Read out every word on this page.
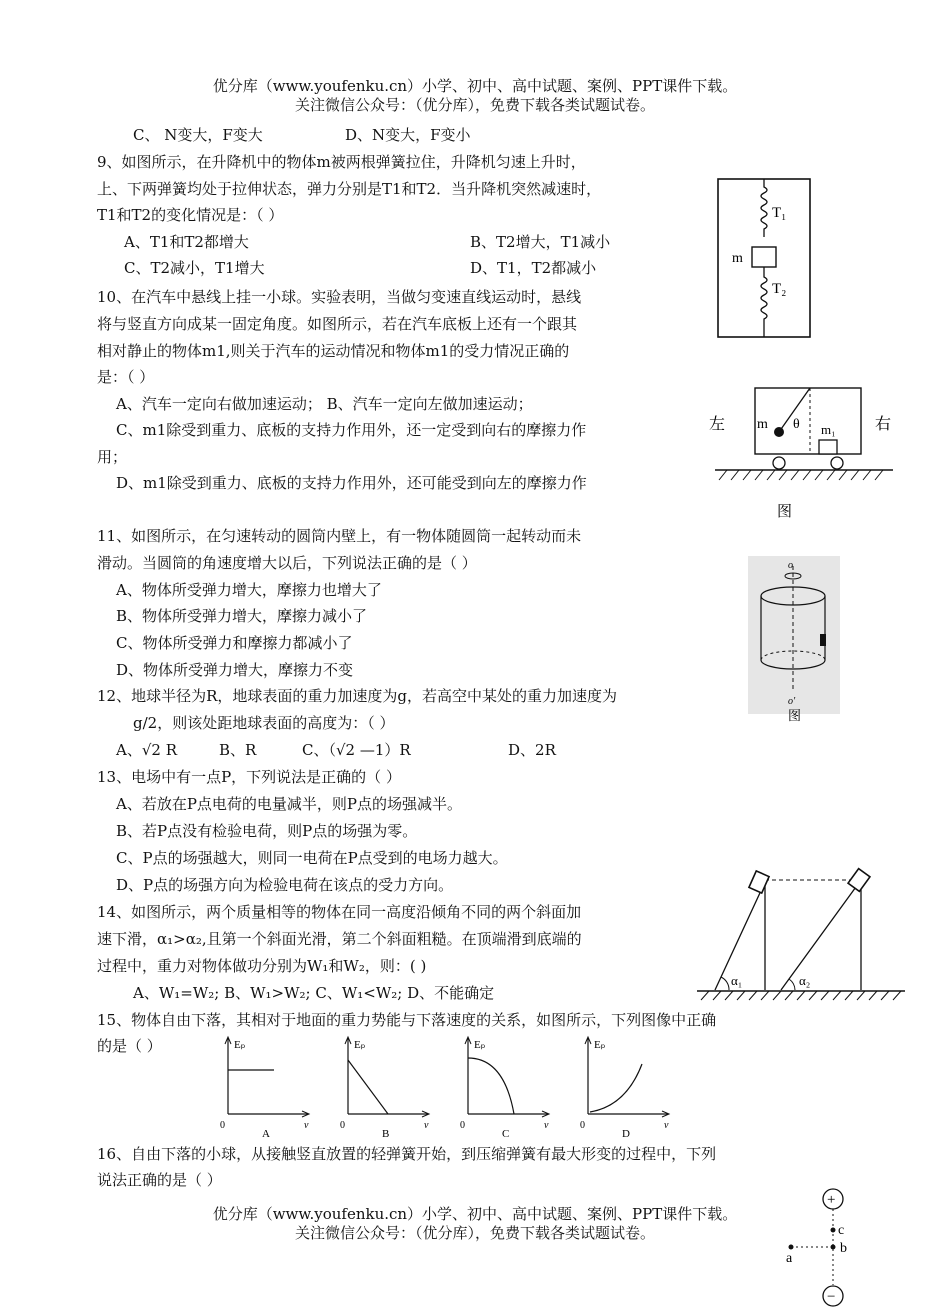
优分库（www.youfenku.cn）小学、初中、高中试题、案例、PPT课件下载。
关注微信公众号：（优分库），免费下载各类试题试卷。
C、 N变大，F变大	D、N变大，F变小
9、如图所示，在升降机中的物体m被两根弹簧拉住，升降机匀速上升时，
上、下两弹簧均处于拉伸状态，弹力分别是T1和T2．当升降机突然减速时，
T1和T2的变化情况是：（ ）
A、T1和T2都增大	B、T2增大，T1减小
C、T2减小，T1增大	D、T1，T2都减小
T₁
m
T₂
10、在汽车中悬线上挂一小球。实验表明，当做匀变速直线运动时，悬线
将与竖直方向成某一固定角度。如图所示，若在汽车底板上还有一个跟其
相对静止的物体m1,则关于汽车的运动情况和物体m1的受力情况正确的
是：（ ）
A、汽车一定向右做加速运动； B、汽车一定向左做加速运动；
C、m1除受到重力、底板的支持力作用外，还一定受到向右的摩擦力作
用；
D、m1除受到重力、底板的支持力作用外，还可能受到向左的摩擦力作
左	右
m θ m₁
图
11、如图所示，在匀速转动的圆筒内壁上，有一物体随圆筒一起转动而未
滑动。当圆筒的角速度增大以后，下列说法正确的是（ ）
A、物体所受弹力增大，摩擦力也增大了
B、物体所受弹力增大，摩擦力减小了
C、物体所受弹力和摩擦力都减小了
D、物体所受弹力增大，摩擦力不变
o
o′
图
12、地球半径为R，地球表面的重力加速度为g，若高空中某处的重力加速度为
g/2，则该处距地球表面的高度为：（ ）
A、√2 R	B、R	C、（√2 —1）R	D、2R
13、电场中有一点P，下列说法是正确的（ ）
A、若放在P点电荷的电量减半，则P点的场强减半。
B、若P点没有检验电荷，则P点的场强为零。
C、P点的场强越大，则同一电荷在P点受到的电场力越大。
D、P点的场强方向为检验电荷在该点的受力方向。
14、如图所示，两个质量相等的物体在同一高度沿倾角不同的两个斜面加
速下滑，α₁>α₂,且第一个斜面光滑，第二个斜面粗糙。在顶端滑到底端的
过程中，重力对物体做功分别为W₁和W₂，则：( )
A、W₁=W₂; B、W₁>W₂; C、W₁<W₂; D、不能确定
α₁	α₂
15、物体自由下落，其相对于地面的重力势能与下落速度的关系，如图所示，下列图像中正确
的是（ ）	Eₚ
v
0
A
Eₚ
v
0
B
Eₚ
v
0
C
Eₚ
v
0
D
16、自由下落的小球，从接触竖直放置的轻弹簧开始，到压缩弹簧有最大形变的过程中，下列
说法正确的是（ ）
优分库（www.youfenku.cn）小学、初中、高中试题、案例、PPT课件下载。
关注微信公众号：（优分库），免费下载各类试题试卷。
+
c
b
a
−
